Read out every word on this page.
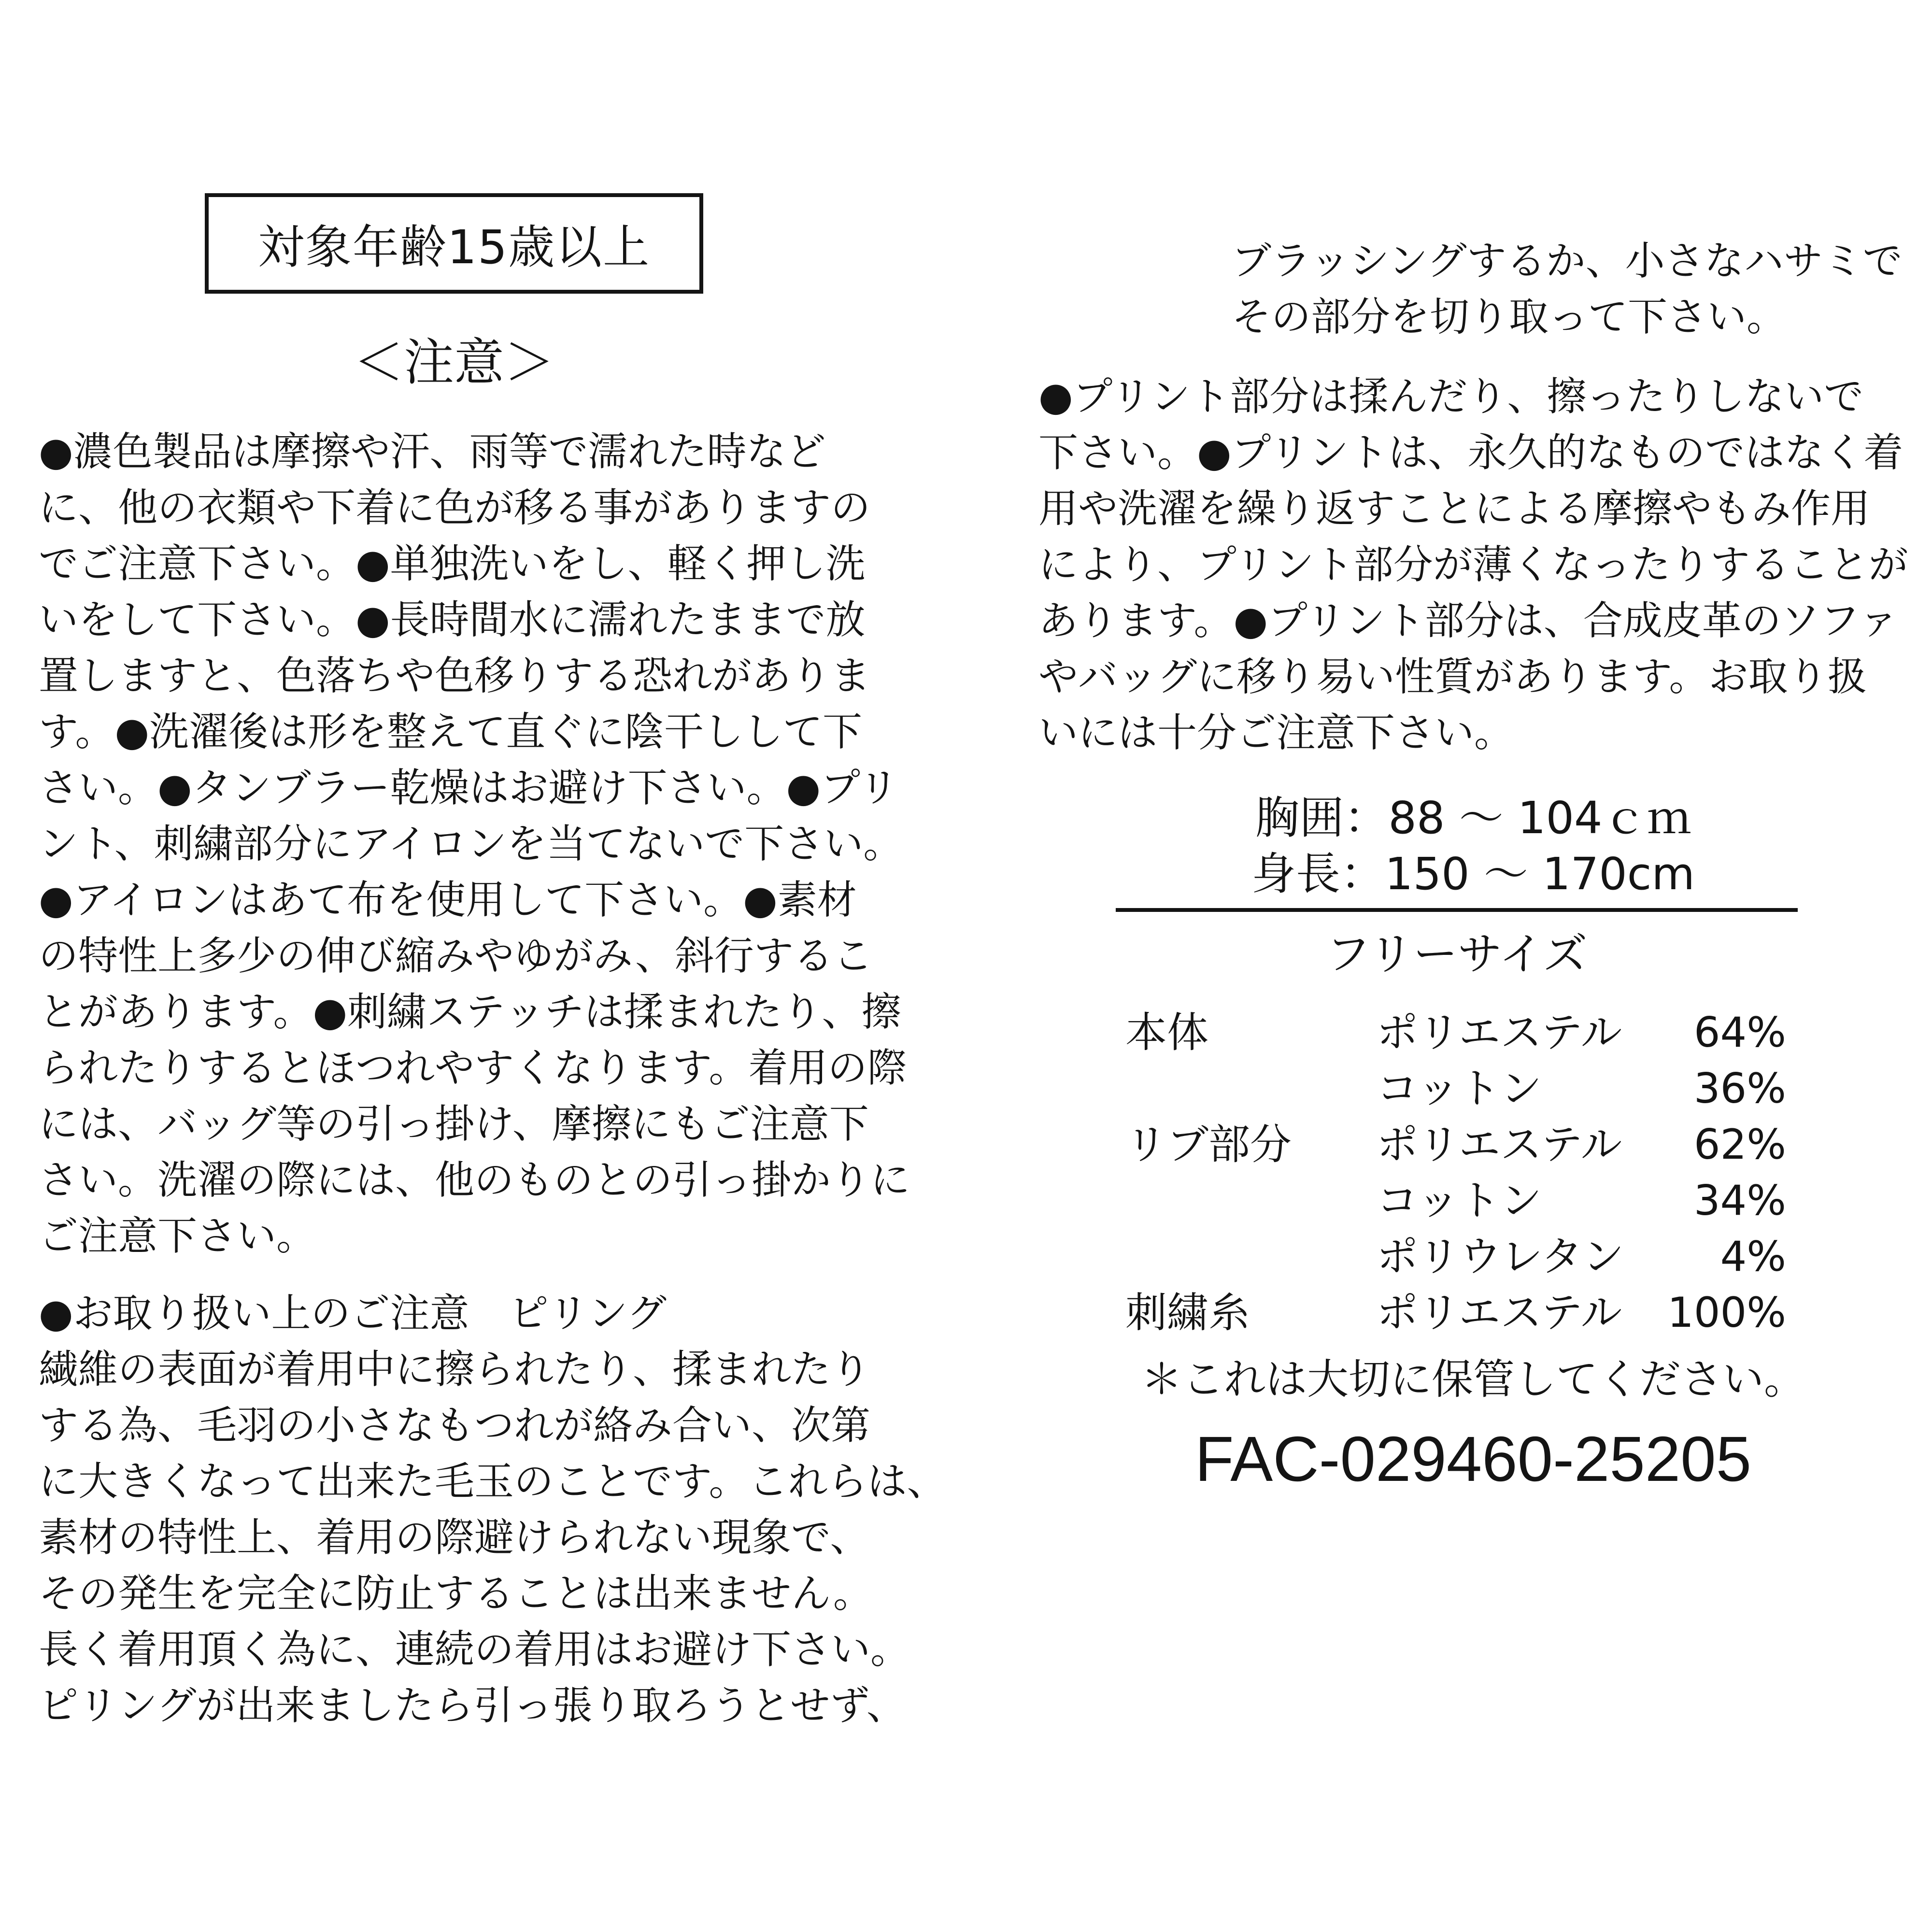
対象年齢15歳以上
＜注意＞
●濃色製品は摩擦や汗、雨等で濡れた時など
に、他の衣類や下着に色が移る事がありますの
でご注意下さい。●単独洗いをし、軽く押し洗
いをして下さい。●長時間水に濡れたままで放
置しますと、色落ちや色移りする恐れがありま
す。●洗濯後は形を整えて直ぐに陰干しして下
さい。●タンブラー乾燥はお避け下さい。●プリ
ント、刺繍部分にアイロンを当てないで下さい。
●アイロンはあて布を使用して下さい。●素材
の特性上多少の伸び縮みやゆがみ、斜行するこ
とがあります。●刺繍ステッチは揉まれたり、擦
られたりするとほつれやすくなります。着用の際
には、バッグ等の引っ掛け、摩擦にもご注意下
さい。洗濯の際には、他のものとの引っ掛かりに
ご注意下さい。
●お取り扱い上のご注意　ピリング
繊維の表面が着用中に擦られたり、揉まれたり
する為、毛羽の小さなもつれが絡み合い、次第
に大きくなって出来た毛玉のことです。これらは、
素材の特性上、着用の際避けられない現象で、
その発生を完全に防止することは出来ません。
長く着用頂く為に、連続の着用はお避け下さい。
ピリングが出来ましたら引っ張り取ろうとせず、
ブラッシングするか、小さなハサミで
その部分を切り取って下さい。
●プリント部分は揉んだり、擦ったりしないで
下さい。●プリントは、永久的なものではなく着
用や洗濯を繰り返すことによる摩擦やもみ作用
により、プリント部分が薄くなったりすることが
あります。●プリント部分は、合成皮革のソファ
やバッグに移り易い性質があります。お取り扱
いには十分ご注意下さい。
胸囲：88 ～ 104ｃｍ
身長：150 ～ 170cm
フリーサイズ
本体	ポリエステル 64%
コットン	36%
リブ部分 ポリエステル 62%
コットン	34%
ポリウレタン 4%
刺繍糸	ポリエステル 100%
＊これは大切に保管してください。
FAC-029460-25205
